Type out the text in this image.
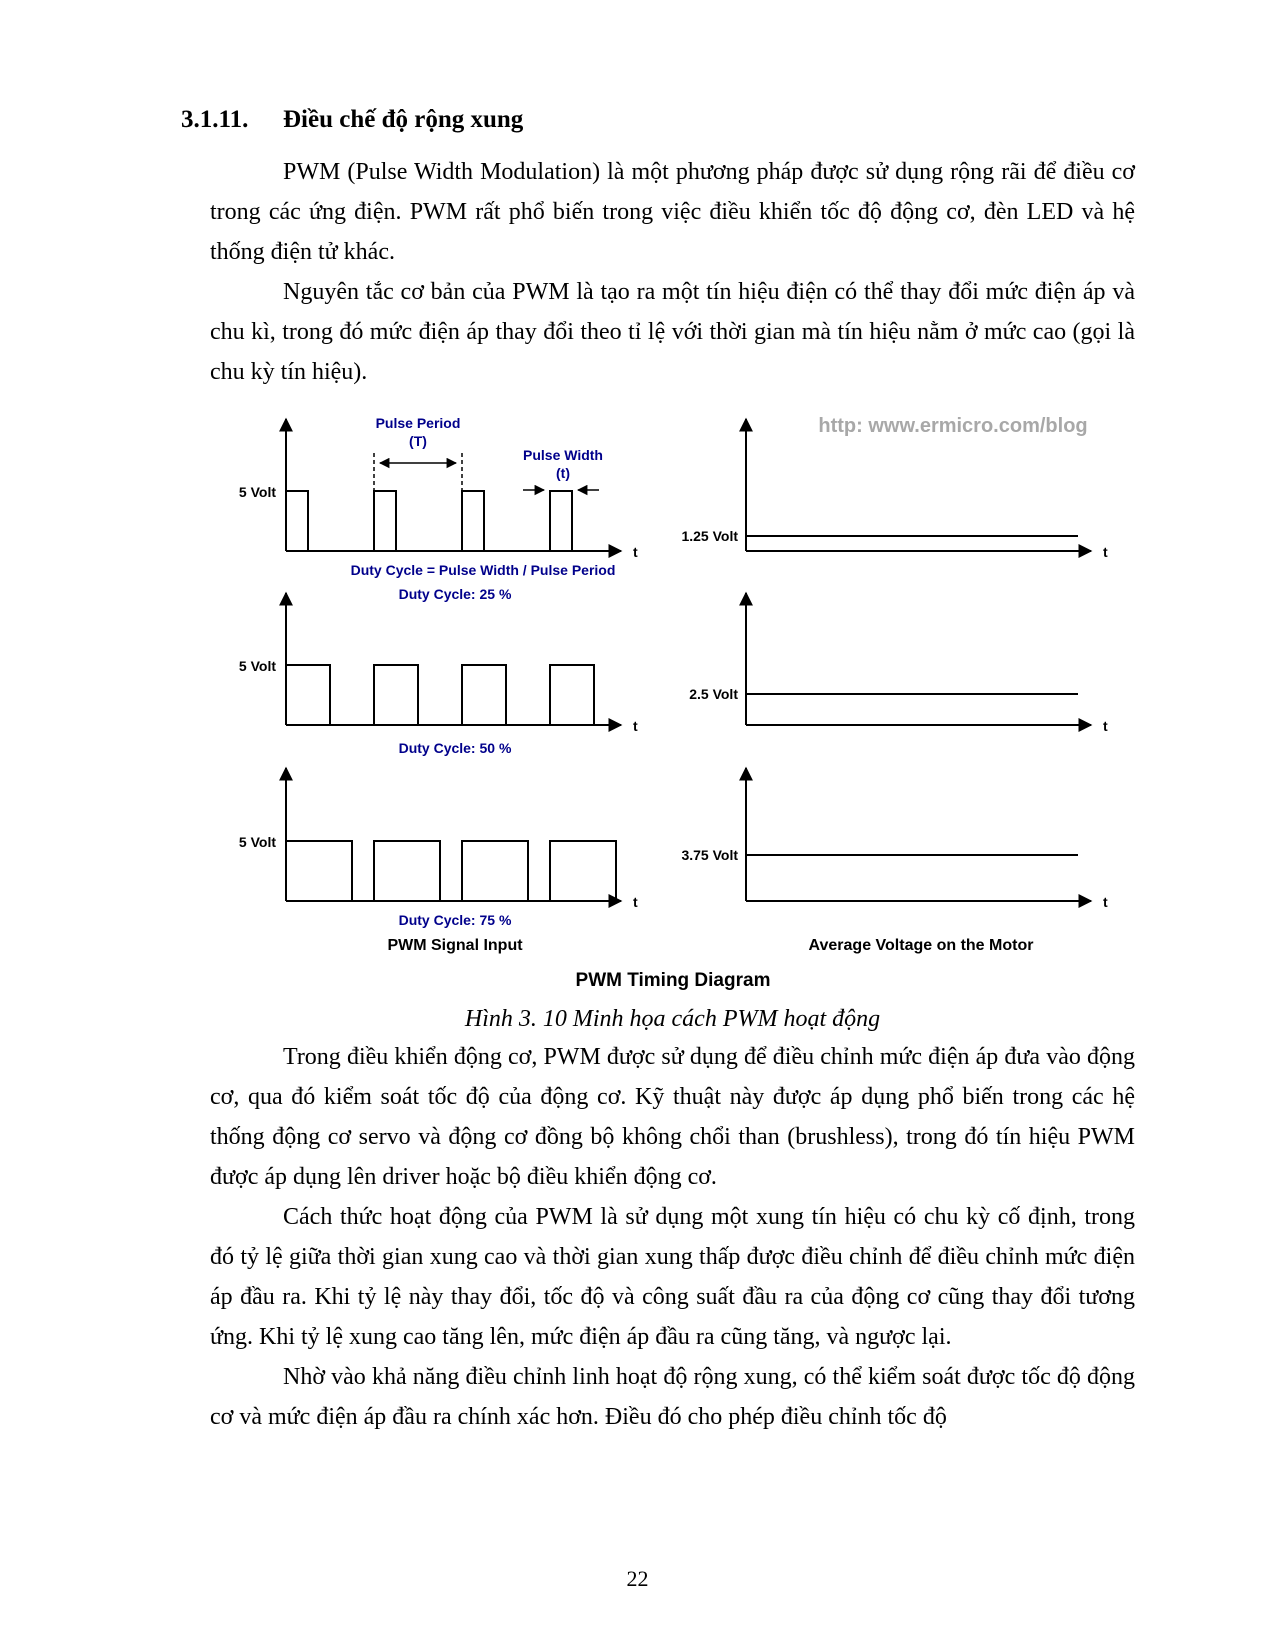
3.1.11.	Điều chế độ rộng xung

PWM (Pulse Width Modulation) là một phương pháp được sử dụng rộng rãi để điều cơ trong các ứng điện. PWM rất phổ biến trong việc điều khiển tốc độ động cơ, đèn LED và hệ thống điện tử khác.

Nguyên tắc cơ bản của PWM là tạo ra một tín hiệu điện có thể thay đổi mức điện áp và chu kì, trong đó mức điện áp thay đổi theo tỉ lệ với thời gian mà tín hiệu nằm ở mức cao (gọi là chu kỳ tín hiệu).

http: www.ermicro.com/blog
Pulse Period
(T)
Pulse Width
(t)
5 Volt
t
Duty Cycle = Pulse Width / Pulse Period
Duty Cycle: 25 %
1.25 Volt
t
5 Volt
t
Duty Cycle: 50 %
2.5 Volt
t
5 Volt
t
Duty Cycle: 75 %
PWM Signal Input
3.75 Volt
t
Average Voltage on the Motor
PWM Timing Diagram
Hình 3. 10 Minh họa cách PWM hoạt động

Trong điều khiển động cơ, PWM được sử dụng để điều chỉnh mức điện áp đưa vào động cơ, qua đó kiểm soát tốc độ của động cơ. Kỹ thuật này được áp dụng phổ biến trong các hệ thống động cơ servo và động cơ đồng bộ không chổi than (brushless), trong đó tín hiệu PWM được áp dụng lên driver hoặc bộ điều khiển động cơ.

Cách thức hoạt động của PWM là sử dụng một xung tín hiệu có chu kỳ cố định, trong đó tỷ lệ giữa thời gian xung cao và thời gian xung thấp được điều chỉnh để điều chỉnh mức điện áp đầu ra. Khi tỷ lệ này thay đổi, tốc độ và công suất đầu ra của động cơ cũng thay đổi tương ứng. Khi tỷ lệ xung cao tăng lên, mức điện áp đầu ra cũng tăng, và ngược lại.

Nhờ vào khả năng điều chỉnh linh hoạt độ rộng xung, có thể kiểm soát được tốc độ động cơ và mức điện áp đầu ra chính xác hơn. Điều đó cho phép điều chỉnh tốc độ

22
